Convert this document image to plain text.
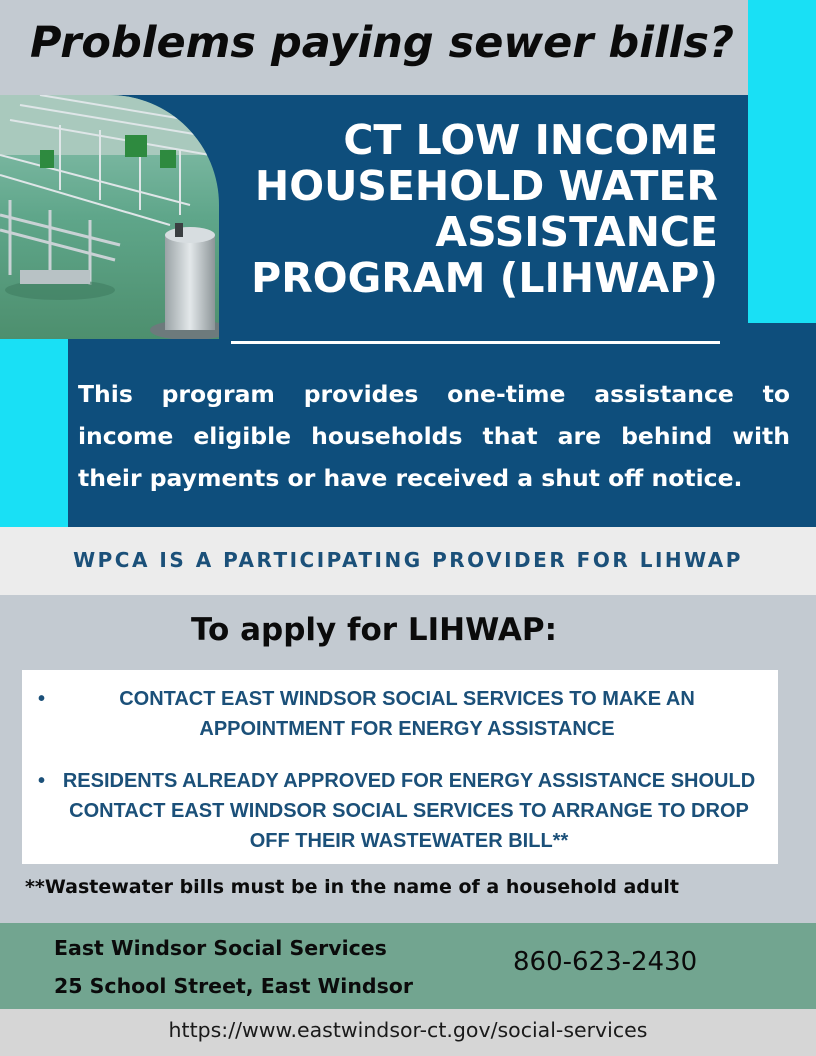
Problems paying sewer bills?
CT LOW INCOME
HOUSEHOLD WATER
ASSISTANCE
PROGRAM (LIHWAP)
This program provides one-time assistance to income eligible households that are behind with their payments or have received a shut off notice.
WPCA IS A PARTICIPATING PROVIDER FOR LIHWAP
To apply for LIHWAP:
•	CONTACT EAST WINDSOR SOCIAL SERVICES TO MAKE AN APPOINTMENT FOR ENERGY ASSISTANCE
• RESIDENTS ALREADY APPROVED FOR ENERGY ASSISTANCE SHOULD CONTACT EAST WINDSOR SOCIAL SERVICES TO ARRANGE TO DROP OFF THEIR WASTEWATER BILL**
**Wastewater bills must be in the name of a household adult
East Windsor Social Services
25 School Street, East Windsor
860-623-2430
https://www.eastwindsor-ct.gov/social-services
